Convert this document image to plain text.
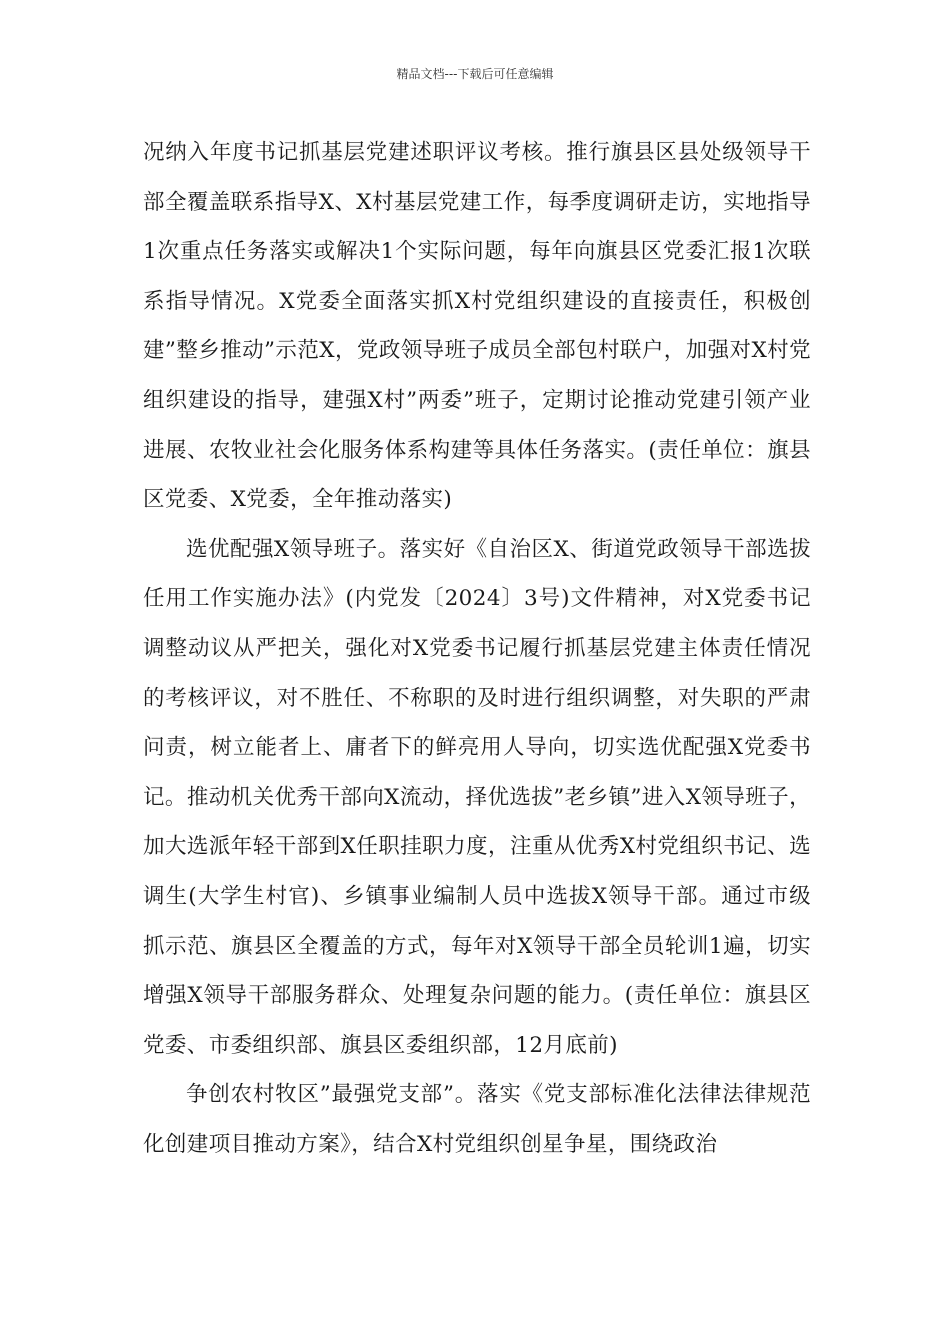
精品文档---下载后可任意编辑

况纳入年度书记抓基层党建述职评议考核。推行旗县区县处级领导干部全覆盖联系指导X、X村基层党建工作，每季度调研走访，实地指导1次重点任务落实或解决1个实际问题，每年向旗县区党委汇报1次联系指导情况。X党委全面落实抓X村党组织建设的直接责任，积极创建”整乡推动”示范X，党政领导班子成员全部包村联户，加强对X村党组织建设的指导，建强X村”两委”班子，定期讨论推动党建引领产业进展、农牧业社会化服务体系构建等具体任务落实。(责任单位：旗县区党委、X党委，全年推动落实)

选优配强X领导班子。落实好《自治区X、街道党政领导干部选拔任用工作实施办法》(内党发〔2024〕3号)文件精神，对X党委书记调整动议从严把关，强化对X党委书记履行抓基层党建主体责任情况的考核评议，对不胜任、不称职的及时进行组织调整，对失职的严肃问责，树立能者上、庸者下的鲜亮用人导向，切实选优配强X党委书记。推动机关优秀干部向X流动，择优选拔”老乡镇”进入X领导班子，加大选派年轻干部到X任职挂职力度，注重从优秀X村党组织书记、选调生(大学生村官)、乡镇事业编制人员中选拔X领导干部。通过市级抓示范、旗县区全覆盖的方式，每年对X领导干部全员轮训1遍，切实增强X领导干部服务群众、处理复杂问题的能力。(责任单位：旗县区党委、市委组织部、旗县区委组织部，12月底前)

争创农村牧区”最强党支部”。落实《党支部标准化法律法律规范化创建项目推动方案》，结合X村党组织创星争星，围绕政治
